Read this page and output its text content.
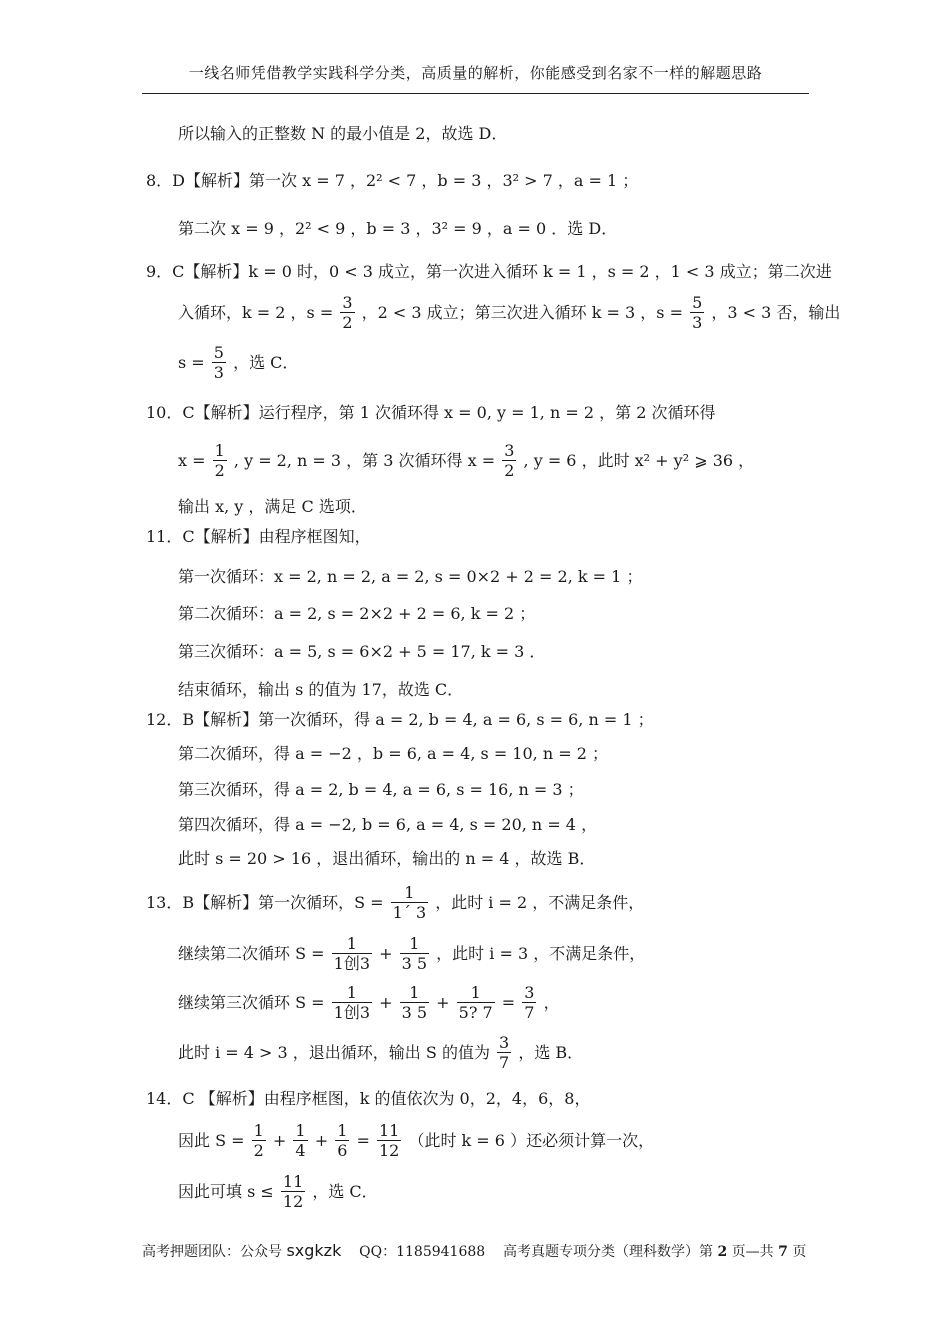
一线名师凭借教学实践科学分类，高质量的解析，你能感受到名家不一样的解题思路
所以输入的正整数 N 的最小值是 2，故选 D．
8．D【解析】第一次 x = 7 ，2² < 7 ，b = 3 ，3² > 7 ，a = 1 ；
第二次 x = 9 ，2² < 9 ，b = 3 ，3² = 9 ，a = 0 ．选 D．
9．C【解析】k = 0 时，0 < 3 成立，第一次进入循环 k = 1 ，s = 2 ，1 < 3 成立；第二次进
入循环，k = 2 ，$s = \frac{3}{2}$ ，2 < 3 成立；第三次进入循环 k = 3 ，$s = \frac{5}{3}$ ，3 < 3 否，输出
$s = \frac{5}{3}$ ，选 C．
10．C【解析】运行程序，第 1 次循环得 x = 0, y = 1, n = 2 ，第 2 次循环得
$x = \frac{1}{2}$ , y = 2, n = 3 ，第 3 次循环得 $x = \frac{3}{2}$ , y = 6 ，此时 x² + y² ⩾ 36 ，
输出 x, y ，满足 C 选项．
11．C【解析】由程序框图知，
第一次循环：x = 2, n = 2, a = 2, s = 0×2 + 2 = 2, k = 1 ；
第二次循环：a = 2, s = 2×2 + 2 = 6, k = 2 ；
第三次循环：a = 5, s = 6×2 + 5 = 17, k = 3 ．
结束循环，输出 s 的值为 17，故选 C．
12．B【解析】第一次循环，得 a = 2, b = 4, a = 6, s = 6, n = 1 ；
第二次循环，得 a = −2 ，b = 6, a = 4, s = 10, n = 2 ；
第三次循环，得 a = 2, b = 4, a = 6, s = 16, n = 3 ；
第四次循环，得 a = −2, b = 6, a = 4, s = 20, n = 4 ，
此时 s = 20 > 16 ，退出循环，输出的 n = 4 ，故选 B．
13．B【解析】第一次循环，$S = \frac{1}{1´ 3}$ ，此时 i = 2 ，不满足条件，
继续第二次循环 $S = \frac{1}{\text{1创3}} + \frac{1}{3 5}$ ，此时 i = 3 ，不满足条件，
继续第三次循环 $S = \frac{1}{\text{1创3}} + \frac{1}{3 5} + \frac{1}{5? 7} = \frac{3}{7}$ ，
此时 i = 4 > 3 ，退出循环，输出 S 的值为 $\frac{3}{7}$ ，选 B．
14．C 【解析】由程序框图，k 的值依次为 0，2，4，6，8，
因此 $S = \frac{1}{2} + \frac{1}{4} + \frac{1}{6} = \frac{11}{12}$ （此时 k = 6 ）还必须计算一次，
因此可填 $s \le \frac{11}{12}$ ，选 C．
高考押题团队：公众号 sxgkzk QQ：1185941688 高考真题专项分类（理科数学）第 2 页—共 7 页
